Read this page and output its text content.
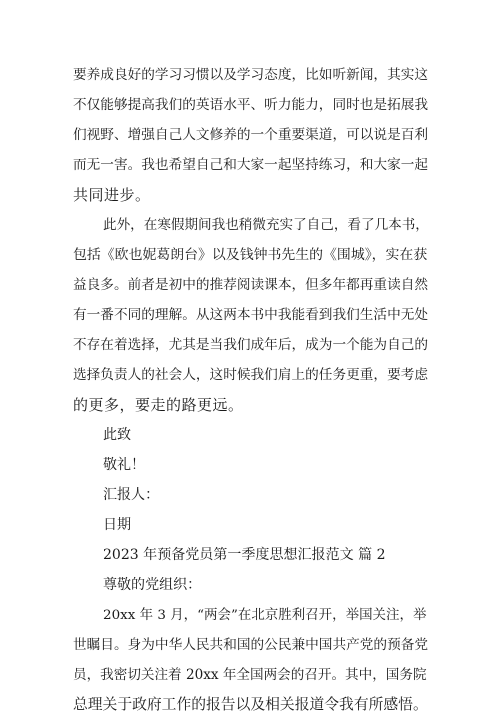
要养成良好的学习习惯以及学习态度，比如听新闻，其实这
不仅能够提高我们的英语水平、听力能力，同时也是拓展我
们视野、增强自己人文修养的一个重要渠道，可以说是百利
而无一害。我也希望自己和大家一起坚持练习，和大家一起
共同进步。
此外，在寒假期间我也稍微充实了自己，看了几本书，
包括《欧也妮葛朗台》以及钱钟书先生的《围城》，实在获
益良多。前者是初中的推荐阅读课本，但多年都再重读自然
有一番不同的理解。从这两本书中我能看到我们生活中无处
不存在着选择，尤其是当我们成年后，成为一个能为自己的
选择负责人的社会人，这时候我们肩上的任务更重，要考虑
的更多，要走的路更远。
此致
敬礼！
汇报人：
日期
2023 年预备党员第一季度思想汇报范文 篇 2
尊敬的党组织：
20xx 年 3 月，“两会”在北京胜利召开，举国关注，举
世瞩目。身为中华人民共和国的公民兼中国共产党的预备党
员，我密切关注着 20xx 年全国两会的召开。其中，国务院
总理关于政府工作的报告以及相关报道令我有所感悟。
